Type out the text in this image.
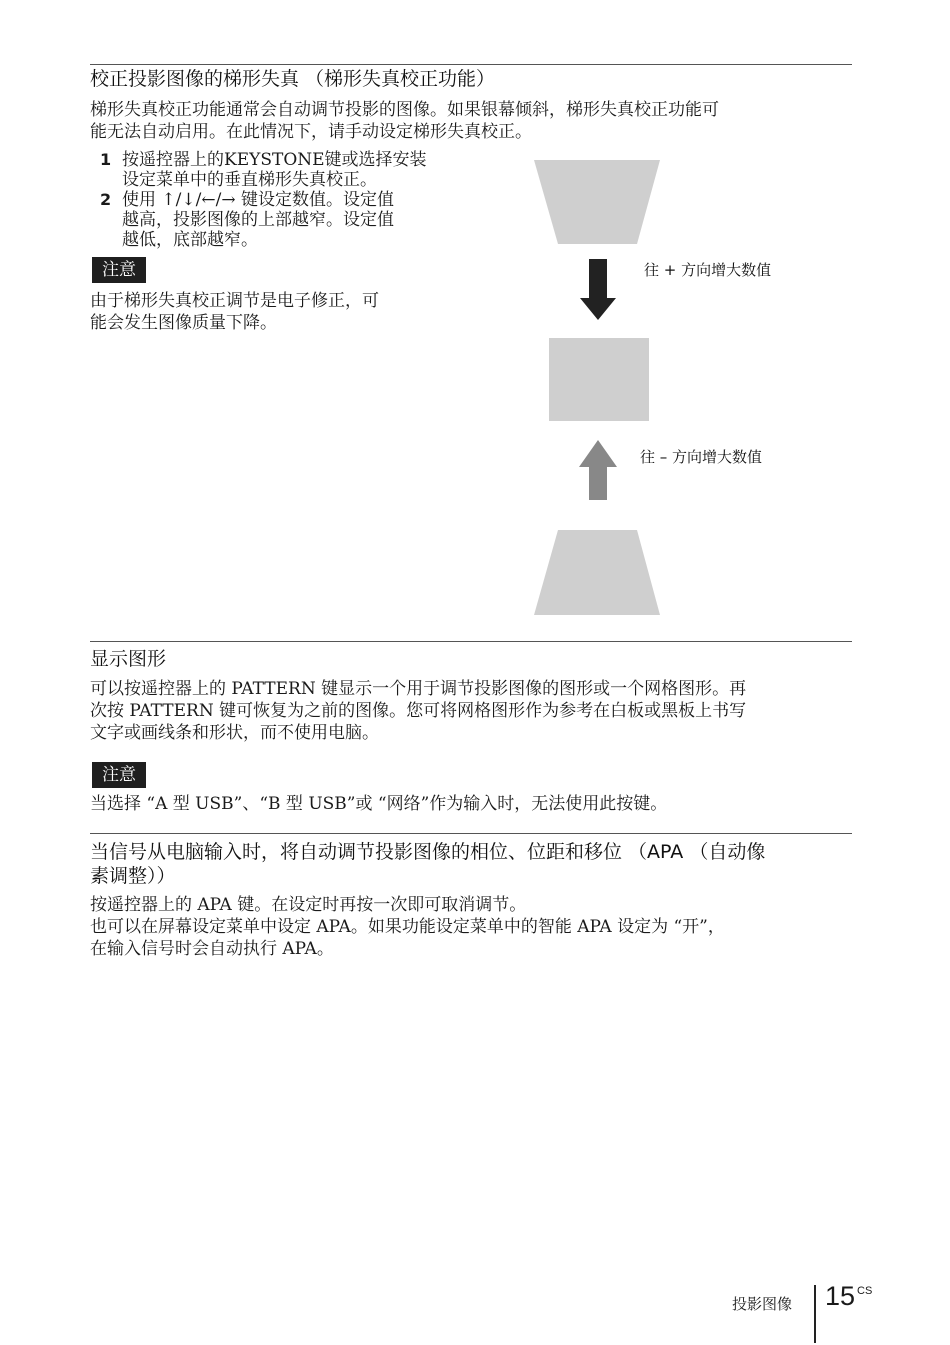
校正投影图像的梯形失真 （梯形失真校正功能）

梯形失真校正功能通常会自动调节投影的图像。如果银幕倾斜，梯形失真校正功能可

能无法自动启用。在此情况下，请手动设定梯形失真校正。

1 按遥控器上的KEYSTONE键或选择安装
设定菜单中的垂直梯形失真校正。
2 使用 ↑/↓/←/→ 键设定数值。设定值
越高，投影图像的上部越窄。设定值
越低，底部越窄。
注意

由于梯形失真校正调节是电子修正，可

能会发生图像质量下降。

往 + 方向增大数值
往 – 方向增大数值
显示图形

可以按遥控器上的 PATTERN 键显示一个用于调节投影图像的图形或一个网格图形。再

次按 PATTERN 键可恢复为之前的图像。您可将网格图形作为参考在白板或黑板上书写

文字或画线条和形状，而不使用电脑。

注意
当选择 “A 型 USB”、“B 型 USB”或 “网络”作为输入时，无法使用此按键。
当信号从电脑输入时，将自动调节投影图像的相位、位距和移位 （APA （自动像
素调整））

按遥控器上的 APA 键。在设定时再按一次即可取消调节。

也可以在屏幕设定菜单中设定 APA。如果功能设定菜单中的智能 APA 设定为 “开”，

在输入信号时会自动执行 APA。

投影图像 15 CS
